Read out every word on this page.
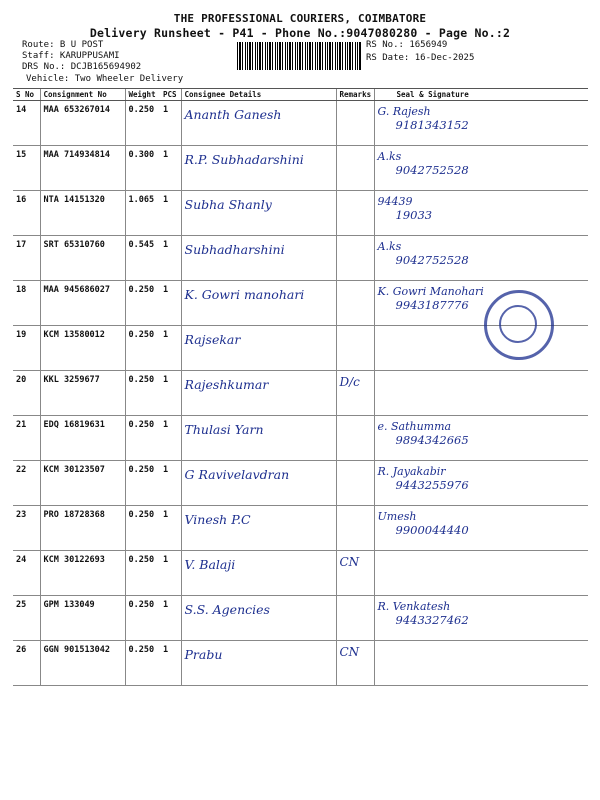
THE PROFESSIONAL COURIERS, COIMBATORE
Delivery Runsheet - P41 - Phone No.:9047080280 - Page No.:2
Route: B U POST
Staff: KARUPPUSAMI
DRS No.: DCJB165694902
Vehicle: Two Wheeler Delivery
RS No.: 1656949
RS Date: 16-Dec-2025
S No	Consignment No	Weight	PCS	Consignee Details	Remarks	Seal & Signature
14	MAA 653267014	0.250	1	Ananth Ganesh		G. Rajesh
9181343152

15	MAA 714934814	0.300	1	R.P. Subhadarshini		A.ks
9042752528

16	NTA 14151320	1.065	1	Subha Shanly		94439
19033

17	SRT 65310760	0.545	1	Subhadharshini		A.ks
9042752528

18	MAA 945686027	0.250	1	K. Gowri manohari		K. Gowri Manohari
9943187776

19	KCM 13580012	0.250	1	Rajsekar		

20	KKL 3259677	0.250	1	Rajeshkumar	D/c	

21	EDQ 16819631	0.250	1	Thulasi Yarn		e. Sathumma
9894342665

22	KCM 30123507	0.250	1	G Ravivelavdran		R. Jayakabir
9443255976

23	PRO 18728368	0.250	1	Vinesh P.C		Umesh
9900044440

24	KCM 30122693	0.250	1	V. Balaji	CN	

25	GPM 133049	0.250	1	S.S. Agencies		R. Venkatesh
9443327462

26	GGN 901513042	0.250	1	Prabu	CN	
